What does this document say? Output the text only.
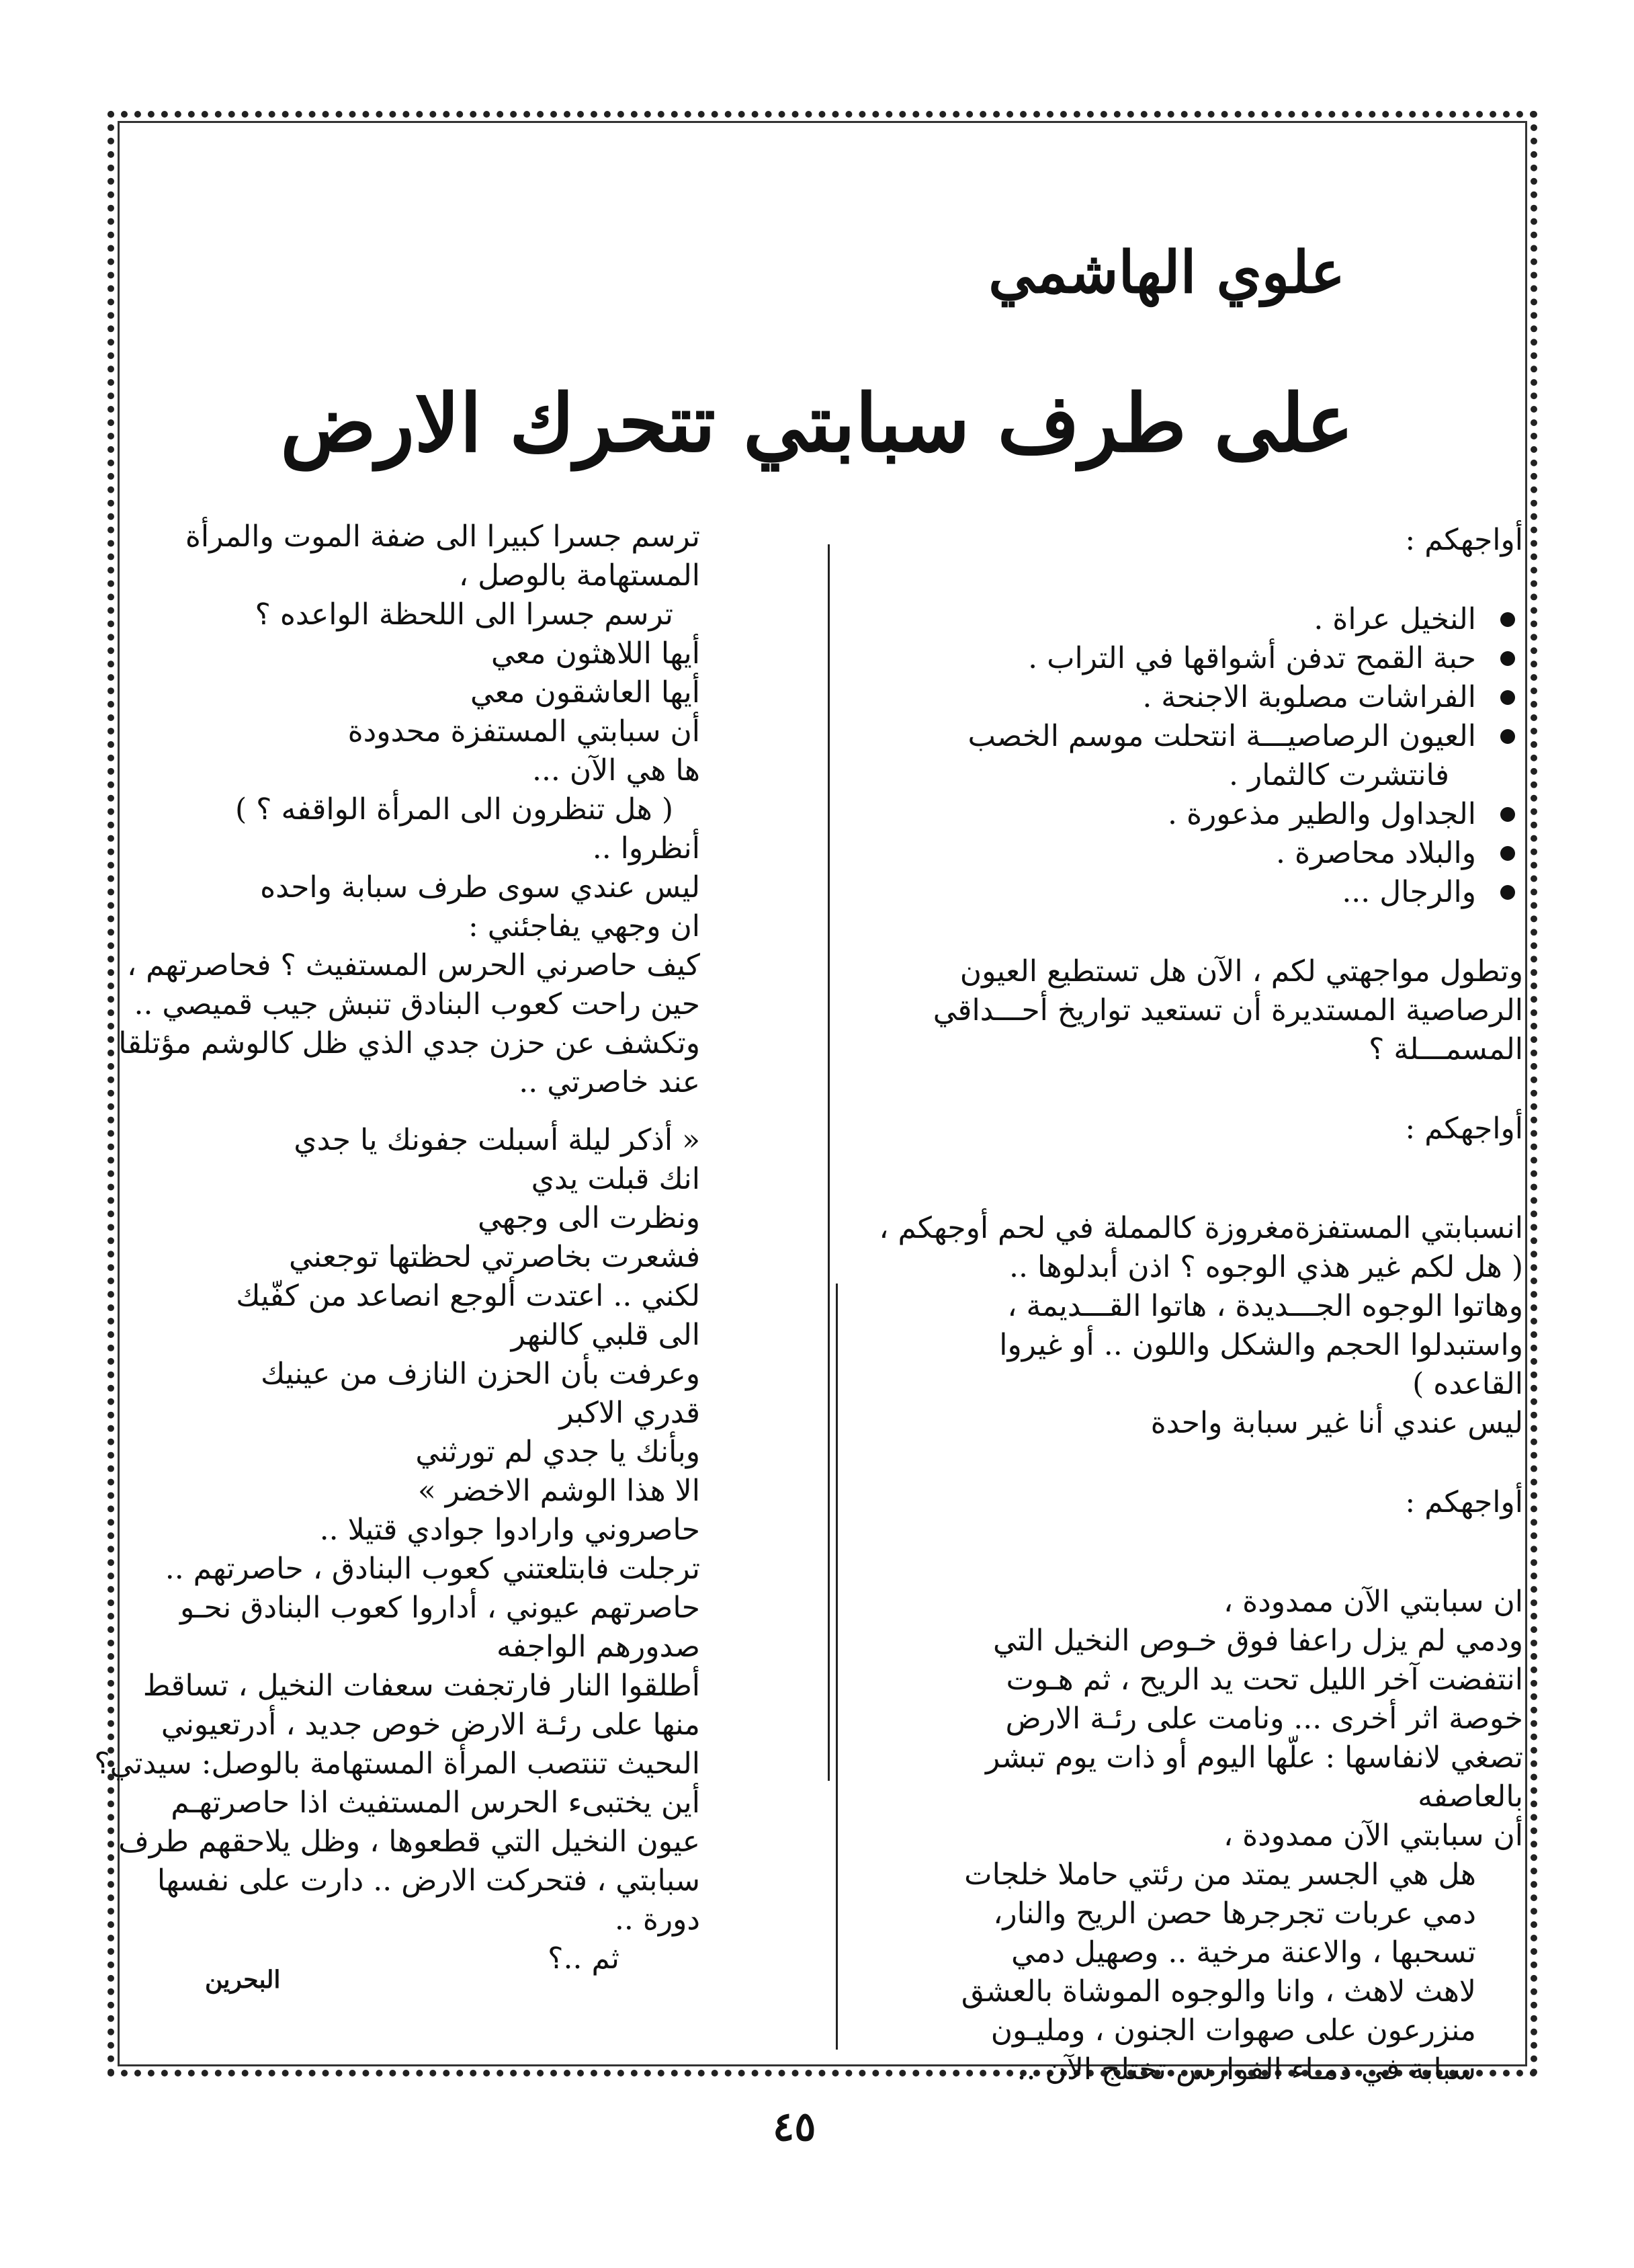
علوي الهاشمي
على طرف سبابتي تتحرك الارض
أواجهكم :
النخيل عراة .
حبة القمح تدفن أشواقها في التراب .
الفراشات مصلوبة الاجنحة .
العيون الرصاصيـــة انتحلت موسم الخصب
فانتشرت كالثمار .
الجداول والطير مذعورة .
والبلاد محاصرة .
والرجال ...
وتطول مواجهتي لكم ، الآن هل تستطيع العيون
الرصاصية المستديرة أن تستعيد تواريخ أحـــداقي
المسمـــلة ؟
أواجهكم :
انسبابتي المستفزةمغروزة كالمملة في لحم أوجهكم ،
( هل لكم غير هذي الوجوه ؟ اذن أبدلوها ..
وهاتوا الوجوه الجـــديدة ، هاتوا القـــديمة ،
واستبدلوا الحجم والشكل واللون .. أو غيروا
القاعده )
ليس عندي أنا غير سبابة واحدة
أواجهكم :
ان سبابتي الآن ممدودة ،
ودمي لم يزل راعفا فوق خـوص النخيل التي
انتفضت آخر الليل تحت يد الريح ، ثم هـوت
خوصة اثر أخرى ... ونامت على رئـة الارض
تصغي لانفاسها : علّها اليوم أو ذات يوم تبشر
بالعاصفه
أن سبابتي الآن ممدودة ،
هل هي الجسر يمتد من رئتي حاملا خلجات
دمي عربات تجرجرها حصن الريح والنار،
تسحبها ، والاعنة مرخية .. وصهيل دمي
لاهث لاهث ، وانا والوجوه الموشاة بالعشق
منزرعون على صهوات الجنون ، ومليـون
سبابة في دمـاء الفوارس تختلج الآن ..
ترسم جسرا كبيرا الى ضفة الموت والمرأة
المستهامة بالوصل ،
ترسم جسرا الى اللحظة الواعده ؟
أيها اللاهثون معي
أيها العاشقون معي
أن سبابتي المستفزة محدودة
ها هي الآن ...
( هل تنظرون الى المرأة الواقفه ؟ )
أنظروا ..
ليس عندي سوى طرف سبابة واحده
ان وجهي يفاجئني :
كيف حاصرني الحرس المستفيث ؟ فحاصرتهم ،
حين راحت كعوب البنادق تنبش جيب قميصي ..
وتكشف عن حزن جدي الذي ظل كالوشم مؤتلقا
عند خاصرتي ..
« أذكر ليلة أسبلت جفونك يا جدي
انك قبلت يدي
ونظرت الى وجهي
فشعرت بخاصرتي لحظتها توجعني
لكني .. اعتدت ألوجع انصاعد من كفّيك
الى قلبي كالنهر
وعرفت بأن الحزن النازف من عينيك
قدري الاكبر
وبأنك يا جدي لم تورثني
الا هذا الوشم الاخضر »
حاصروني وارادوا جوادي قتيلا ..
ترجلت فابتلعتني كعوب البنادق ، حاصرتهم ..
حاصرتهم عيوني ، أداروا كعوب البنادق نحـو
صدورهم الواجفه
أطلقوا النار فارتجفت سعفات النخيل ، تساقط
منها على رئـة الارض خوص جديد ، أدرتعيوني
الىحيث تنتصب المرأة المستهامة بالوصل: سيدتي؟
أين يختبىء الحرس المستفيث اذا حاصرتهـم
عيون النخيل التي قطعوها ، وظل يلاحقهم طرف
سبابتي ، فتحركت الارض .. دارت على نفسها
دورة ..
ثم ..؟
البحرين
٤٥
